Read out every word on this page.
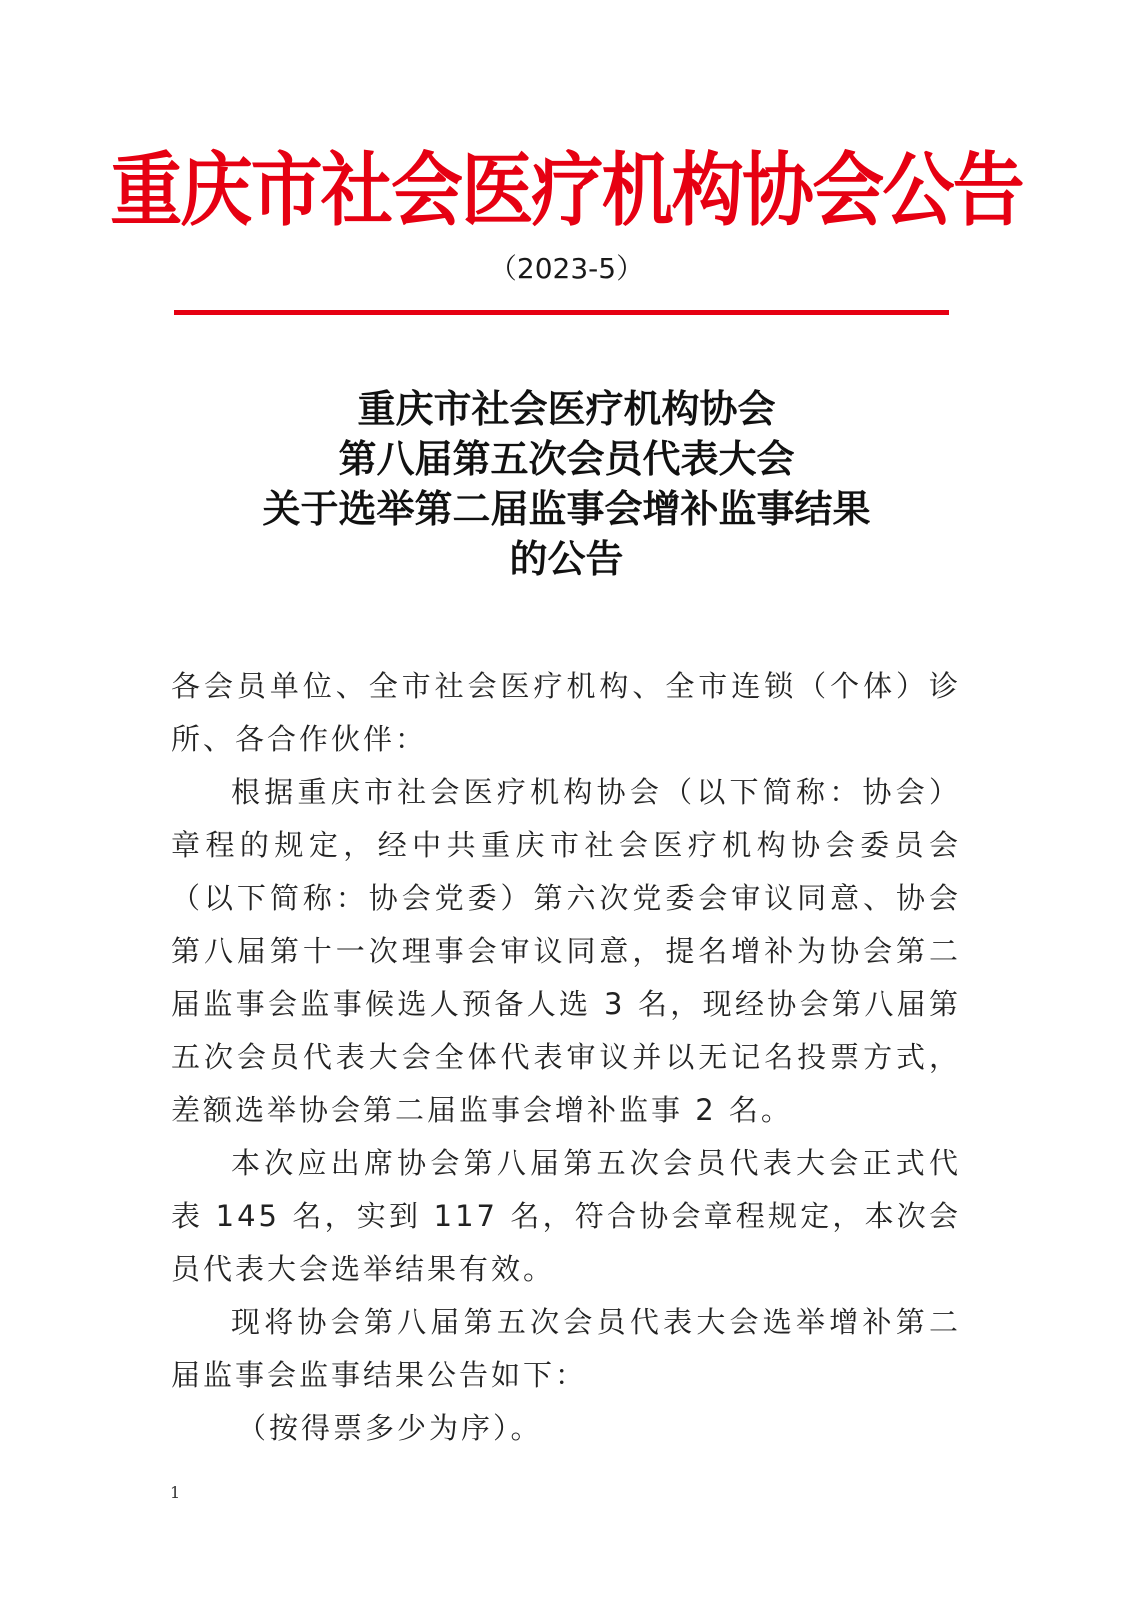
重庆市社会医疗机构协会公告
（2023-5）
重庆市社会医疗机构协会
第八届第五次会员代表大会
关于选举第二届监事会增补监事结果
的公告

各会员单位、全市社会医疗机构、全市连锁（个体）诊所、各合作伙伴：

根据重庆市社会医疗机构协会（以下简称：协会）章程的规定，经中共重庆市社会医疗机构协会委员会（以下简称：协会党委）第六次党委会审议同意、协会第八届第十一次理事会审议同意，提名增补为协会第二届监事会监事候选人预备人选 3 名，现经协会第八届第五次会员代表大会全体代表审议并以无记名投票方式，差额选举协会第二届监事会增补监事 2 名。

本次应出席协会第八届第五次会员代表大会正式代表 145 名，实到 117 名，符合协会章程规定，本次会员代表大会选举结果有效。

现将协会第八届第五次会员代表大会选举增补第二届监事会监事结果公告如下：

（按得票多少为序）。

1
